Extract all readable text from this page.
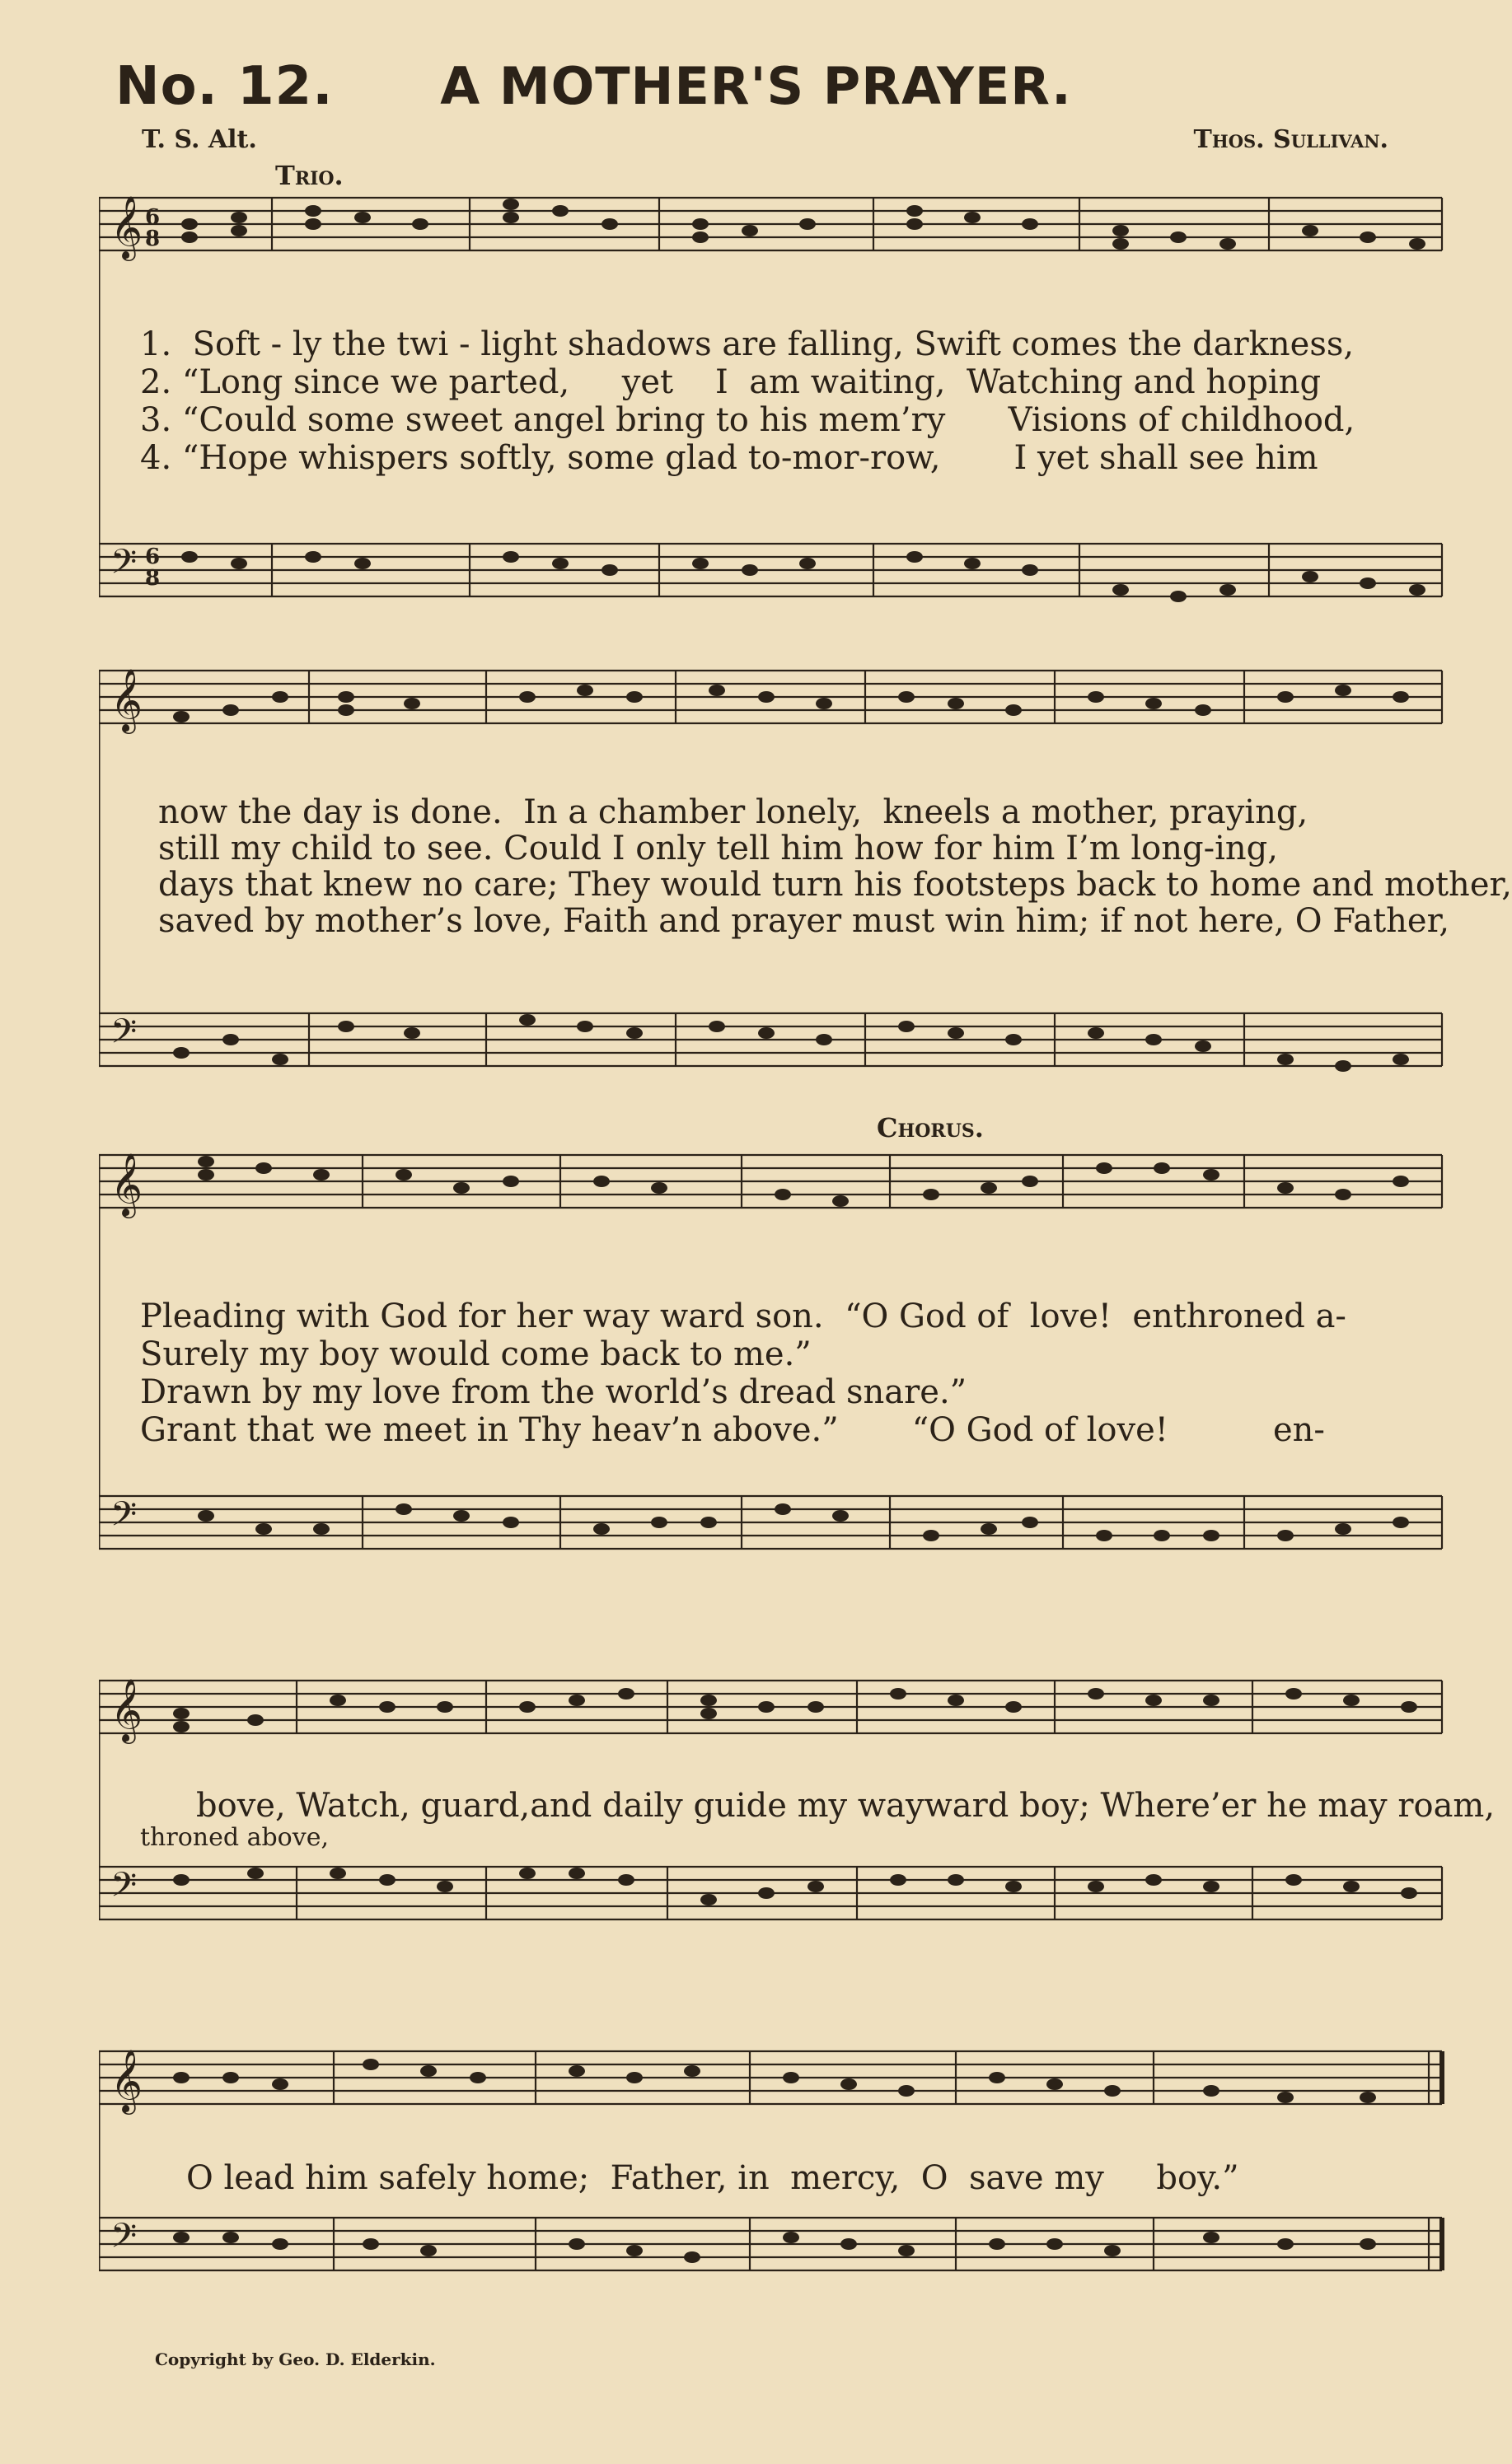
No. 12.	A MOTHER'S PRAYER.
T. S. Alt.	Thos. Sullivan.
Trio.
𝄞 6
8
𝄢 6
8
1.  Soft - ly the twi - light shadows are falling, Swift comes the darkness,
2. “Long since we parted,     yet    I  am waiting,  Watching and hoping
3. “Could some sweet angel bring to his mem’ry      Visions of childhood,
4. “Hope whispers softly, some glad to-mor-row,       I yet shall see him
𝄞
𝄢
now the day is done.  In a chamber lonely,  kneels a mother, praying,
still my child to see. Could I only tell him how for him I’m long-ing,
days that knew no care; They would turn his footsteps back to home and mother,
saved by mother’s love, Faith and prayer must win him; if not here, O Father,
Chorus.
𝄞
𝄢
Pleading with God for her way ward son.  “O God of  love!  enthroned a-
Surely my boy would come back to me.”
Drawn by my love from the world’s dread snare.”
Grant that we meet in Thy heav’n above.”       “O God of love!          en-
𝄞
𝄢
bove, Watch, guard,and daily guide my wayward boy; Where’er he may roam,
throned above,
𝄞
𝄢
O lead him safely home;  Father, in  mercy,  O  save my     boy.”
Copyright by Geo. D. Elderkin.
